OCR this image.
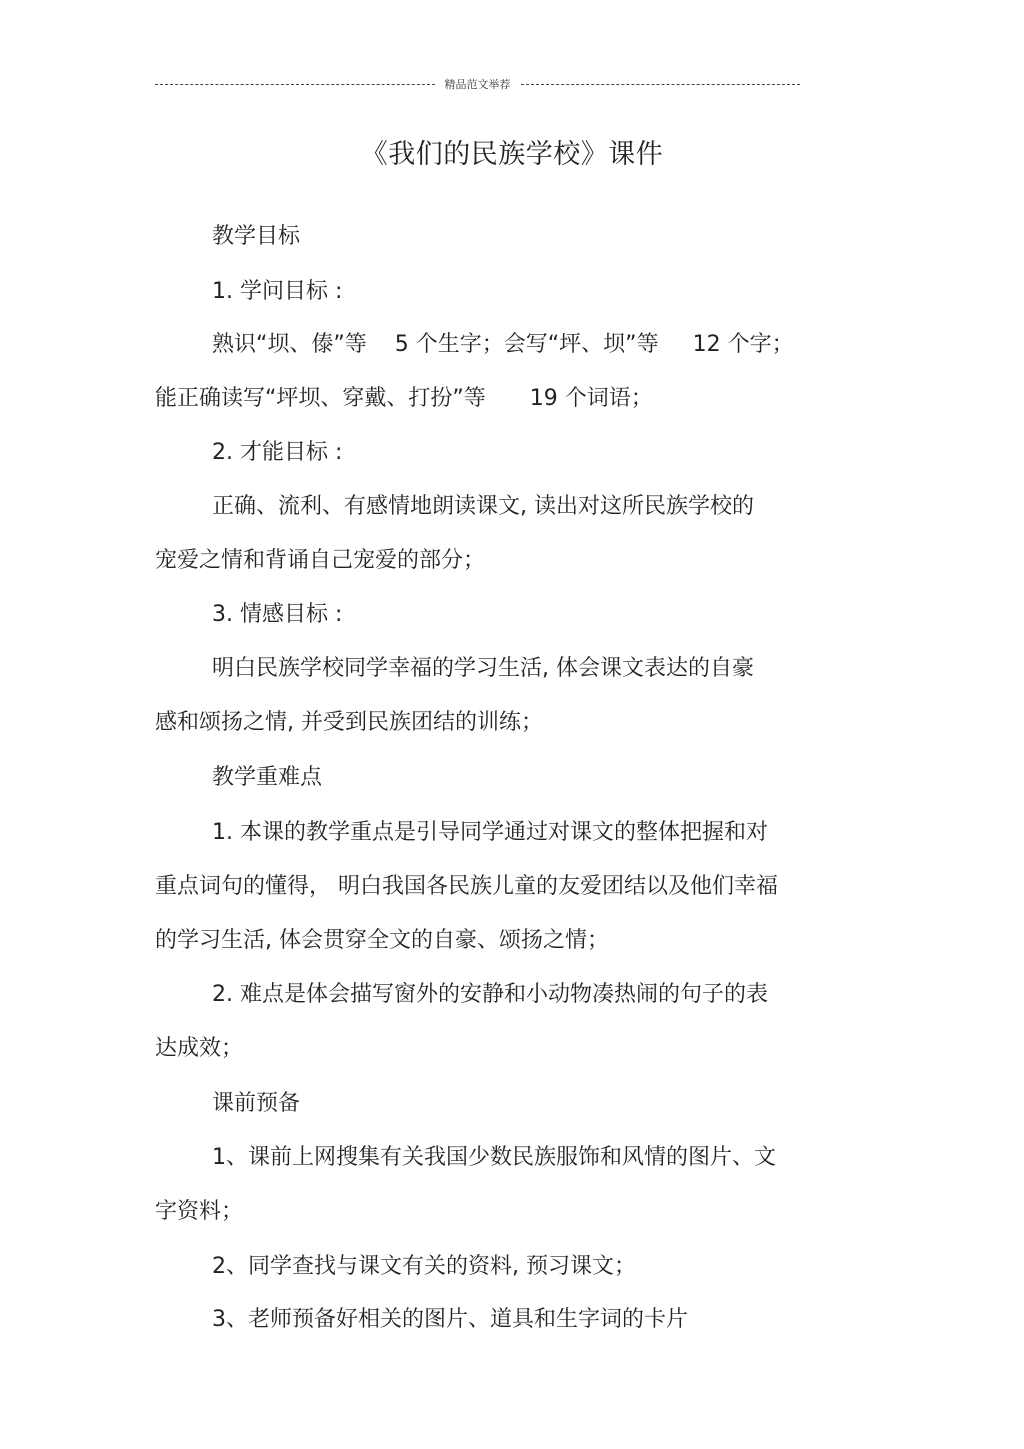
精品范文举荐
《我们的民族学校》课件
教学目标
1. 学问目标 :
熟识“坝、傣”等 5 个生字；会写“坪、坝”等 12 个字；
能正确读写“坪坝、穿戴、打扮”等 19 个词语；
2. 才能目标 :
正确、流利、有感情地朗读课文, 读出对这所民族学校的
宠爱之情和背诵自己宠爱的部分；
3. 情感目标 :
明白民族学校同学幸福的学习生活, 体会课文表达的自豪
感和颂扬之情, 并受到民族团结的训练；
教学重难点
1. 本课的教学重点是引导同学通过对课文的整体把握和对
重点词句的懂得， 明白我国各民族儿童的友爱团结以及他们幸福
的学习生活, 体会贯穿全文的自豪、颂扬之情；
2. 难点是体会描写窗外的安静和小动物凑热闹的句子的表
达成效；
课前预备
1、课前上网搜集有关我国少数民族服饰和风情的图片、文
字资料；
2、同学查找与课文有关的资料, 预习课文；
3、老师预备好相关的图片、道具和生字词的卡片
